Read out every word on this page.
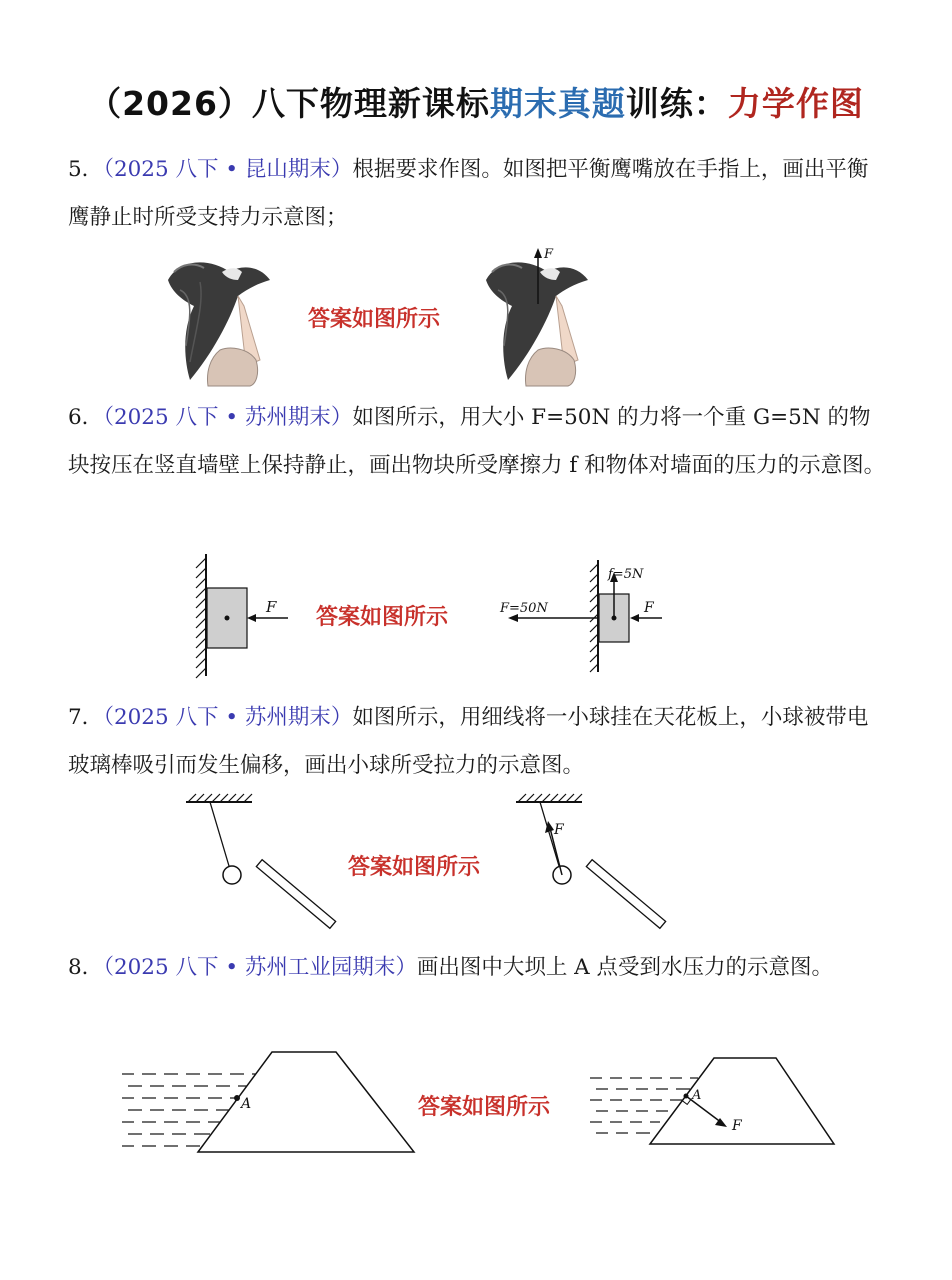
（2026）八下物理新课标期末真题训练：力学作图
5．（2025 八下 • 昆山期末）根据要求作图。如图把平衡鹰嘴放在手指上，画出平衡鹰静止时所受支持力示意图；
答案如图所示
F
6．（2025 八下 • 苏州期末）如图所示，用大小 F=50N 的力将一个重 G=5N 的物块按压在竖直墙壁上保持静止，画出物块所受摩擦力 f 和物体对墙面的压力的示意图。
F 答案如图所示
f=5N
F=50N	F
7．（2025 八下 • 苏州期末）如图所示，用细线将一小球挂在天花板上，小球被带电玻璃棒吸引而发生偏移，画出小球所受拉力的示意图。
答案如图所示
F
8．（2025 八下 • 苏州工业园期末）画出图中大坝上 A 点受到水压力的示意图。
A	答案如图所示	A
F
